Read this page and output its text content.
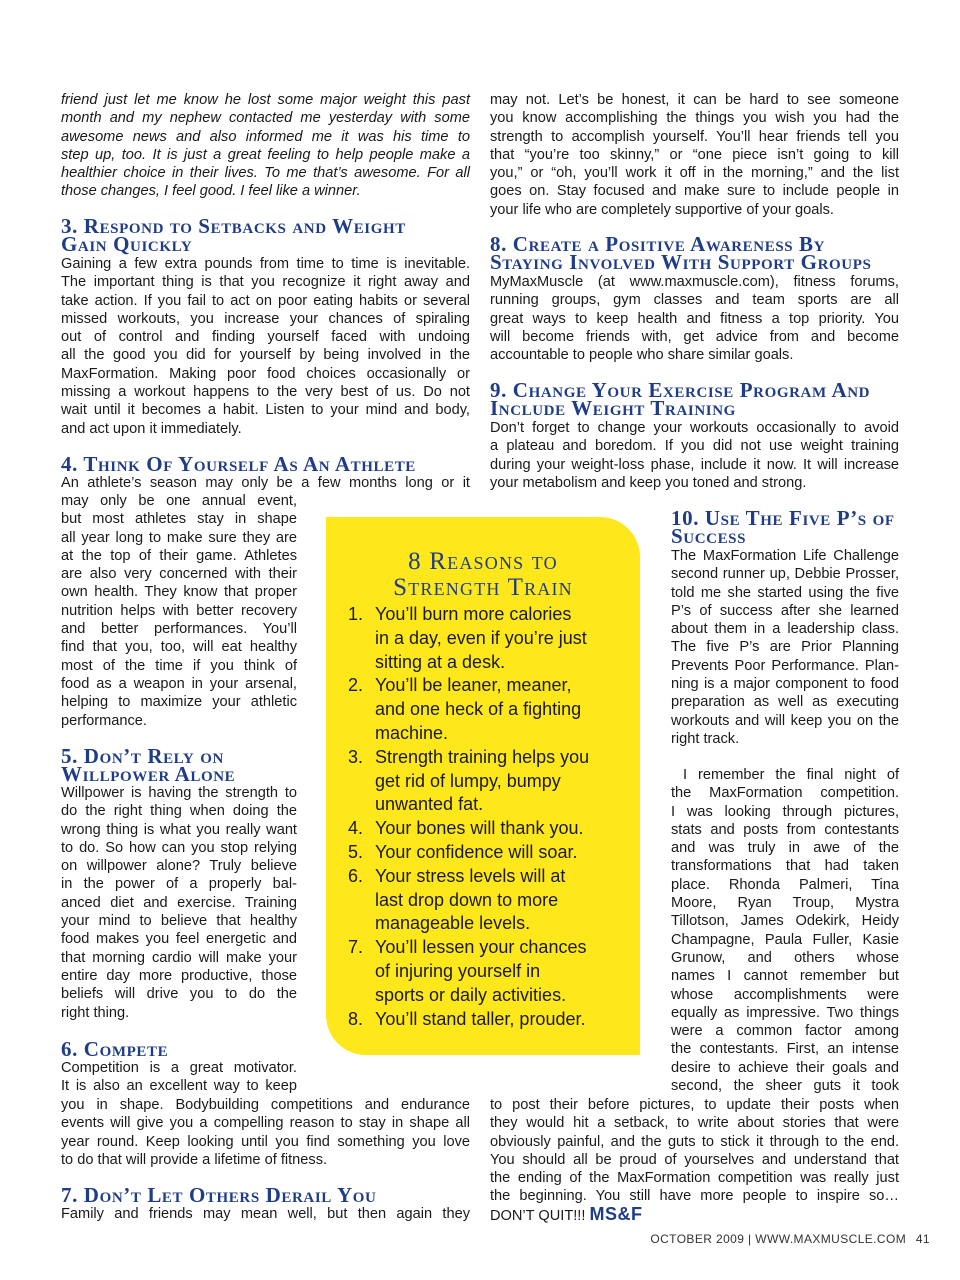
friend just let me know he lost some major weight this past
month and my nephew contacted me yesterday with some
awesome news and also informed me it was his time to
step up, too. It is just a great feeling to help people make a
healthier choice in their lives. To me that’s awesome. For all
those changes, I feel good. I feel like a winner.
3. Respond to Setbacks and Weight
Gain Quickly
Gaining a few extra pounds from time to time is inevitable.
The important thing is that you recognize it right away and
take action. If you fail to act on poor eating habits or several
missed workouts, you increase your chances of spiraling
out of control and finding yourself faced with undoing
all the good you did for yourself by being involved in the
MaxFormation. Making poor food choices occasionally or
missing a workout happens to the very best of us. Do not
wait until it becomes a habit. Listen to your mind and body,
and act upon it immediately.
4. Think Of Yourself As An Athlete
An athlete’s season may only be a few months long or it
may only be one annual event,
but most athletes stay in shape
all year long to make sure they are
at the top of their game. Athletes
are also very concerned with their
own health. They know that proper
nutrition helps with better recovery
and better performances. You’ll
find that you, too, will eat healthy
most of the time if you think of
food as a weapon in your arsenal,
helping to maximize your athletic
performance.
5. Don’t Rely on
Willpower Alone
Willpower is having the strength to
do the right thing when doing the
wrong thing is what you really want
to do. So how can you stop relying
on willpower alone? Truly believe
in the power of a properly bal-
anced diet and exercise. Training
your mind to believe that healthy
food makes you feel energetic and
that morning cardio will make your
entire day more productive, those
beliefs will drive you to do the
right thing.
6. Compete
Competition is a great motivator.
It is also an excellent way to keep
you in shape. Bodybuilding competitions and endurance
events will give you a compelling reason to stay in shape all
year round. Keep looking until you find something you love
to do that will provide a lifetime of fitness.
7. Don’t Let Others Derail You
Family and friends may mean well, but then again they
may not. Let’s be honest, it can be hard to see someone
you know accomplishing the things you wish you had the
strength to accomplish yourself. You’ll hear friends tell you
that “you’re too skinny,” or “one piece isn’t going to kill
you,” or “oh, you’ll work it off in the morning,” and the list
goes on. Stay focused and make sure to include people in
your life who are completely supportive of your goals.
8. Create a Positive Awareness By
Staying Involved With Support Groups
MyMaxMuscle (at www.maxmuscle.com), fitness forums,
running groups, gym classes and team sports are all
great ways to keep health and fitness a top priority. You
will become friends with, get advice from and become
accountable to people who share similar goals.
9. Change Your Exercise Program And
Include Weight Training
Don’t forget to change your workouts occasionally to avoid
a plateau and boredom. If you did not use weight training
during your weight-loss phase, include it now. It will increase
your metabolism and keep you toned and strong.
10. Use The Five P’s of
Success
The MaxFormation Life Challenge
second runner up, Debbie Prosser,
told me she started using the five
P’s of success after she learned
about them in a leadership class.
The five P’s are Prior Planning
Prevents Poor Performance. Plan-
ning is a major component to food
preparation as well as executing
workouts and will keep you on the
right track.
I remember the final night of
the MaxFormation competition.
I was looking through pictures,
stats and posts from contestants
and was truly in awe of the
transformations that had taken
place. Rhonda Palmeri, Tina
Moore, Ryan Troup, Mystra
Tillotson, James Odekirk, Heidy
Champagne, Paula Fuller, Kasie
Grunow, and others whose
names I cannot remember but
whose accomplishments were
equally as impressive. Two things
were a common factor among
the contestants. First, an intense
desire to achieve their goals and
second, the sheer guts it took
to post their before pictures, to update their posts when
they would hit a setback, to write about stories that were
obviously painful, and the guts to stick it through to the end.
You should all be proud of yourselves and understand that
the ending of the MaxFormation competition was really just
the beginning. You still have more people to inspire so…
DON’T QUIT!!! MS&F
8 Reasons to
Strength Train
1. You’ll burn more calories
in a day, even if you’re just
sitting at a desk.
2. You’ll be leaner, meaner,
and one heck of a fighting
machine.
3. Strength training helps you
get rid of lumpy, bumpy
unwanted fat.
4. Your bones will thank you.
5. Your confidence will soar.
6. Your stress levels will at
last drop down to more
manageable levels.
7. You’ll lessen your chances
of injuring yourself in
sports or daily activities.
8. You’ll stand taller, prouder.
OCTOBER 2009 | WWW.MAXMUSCLE.COM 41
